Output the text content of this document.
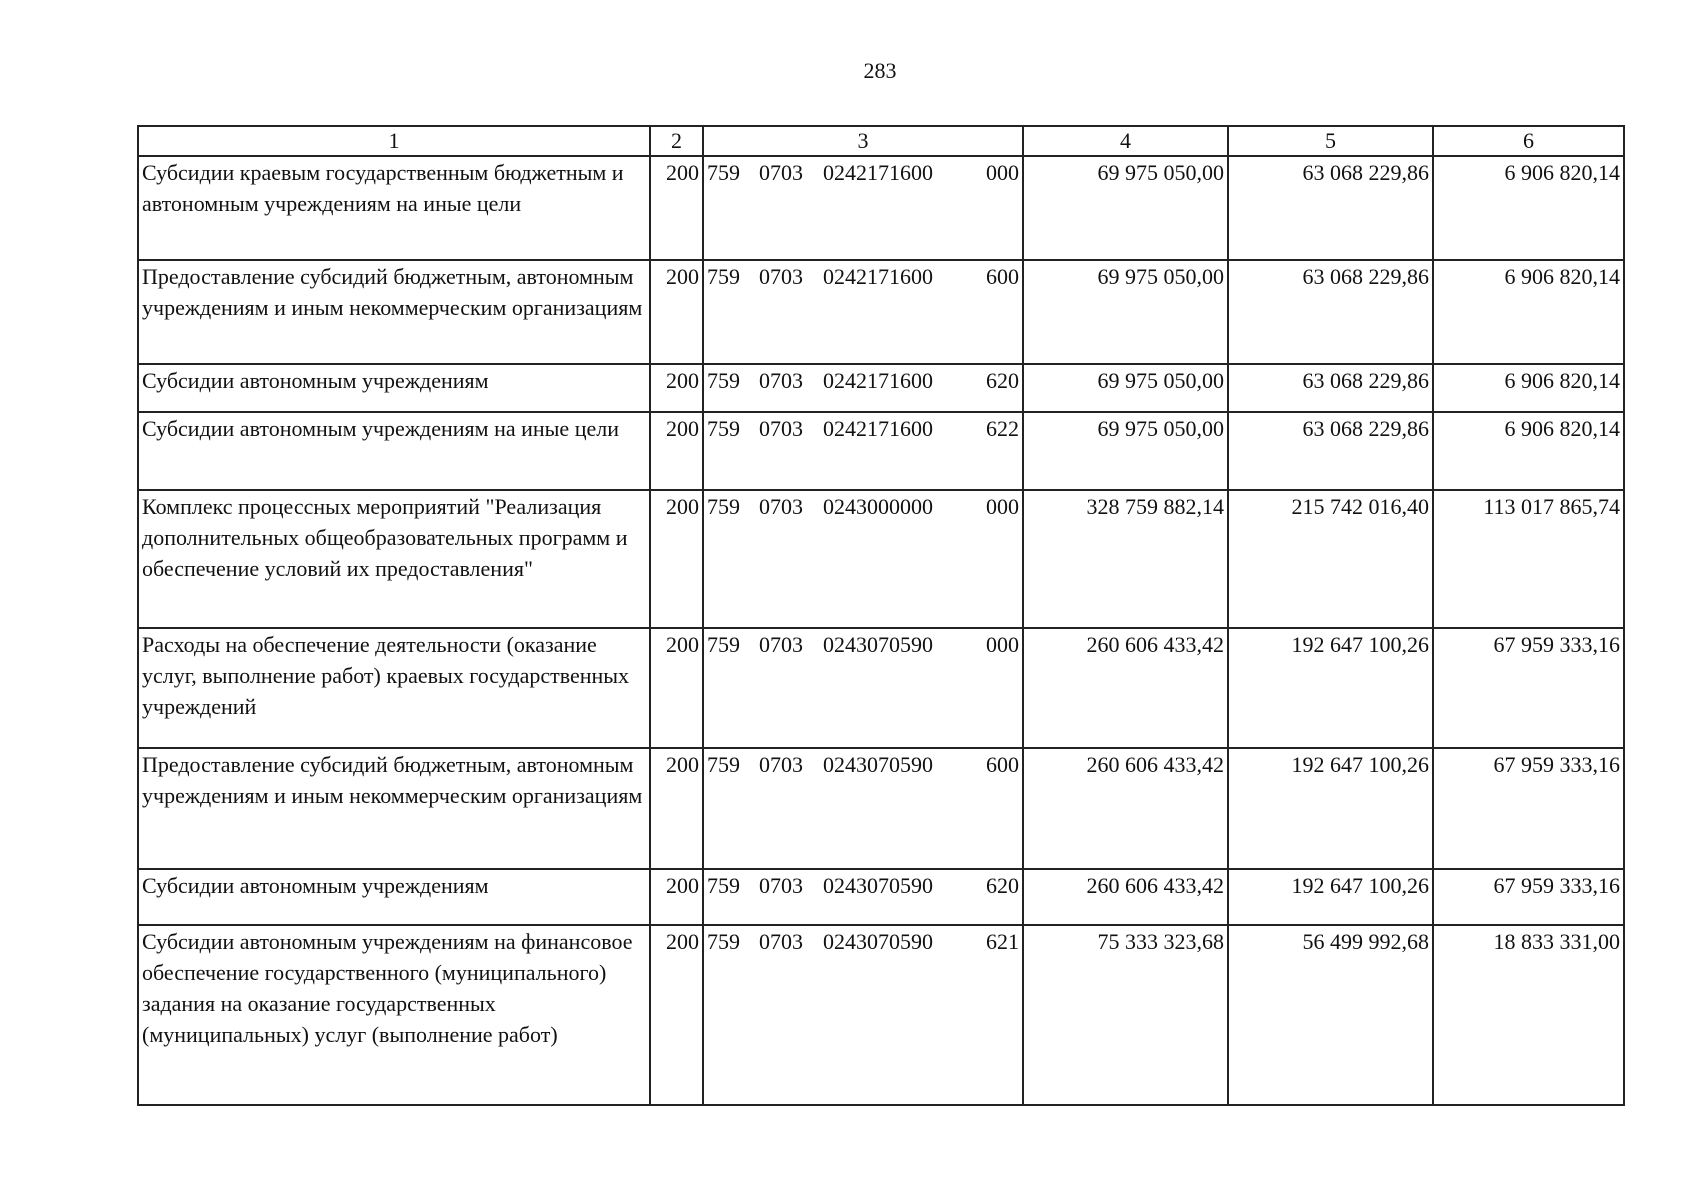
283
1	2	3	4	5	6
Субсидии краевым государственным бюджетным и автономным учреждениям на иные цели	200	759 0703 0242171600 000	69 975 050,00	63 068 229,86	6 906 820,14
Предоставление субсидий бюджетным, автономным учреждениям и иным некоммерческим организациям	200	759 0703 0242171600 600	69 975 050,00	63 068 229,86	6 906 820,14
Субсидии автономным учреждениям	200	759 0703 0242171600 620	69 975 050,00	63 068 229,86	6 906 820,14
Субсидии автономным учреждениям на иные цели	200	759 0703 0242171600 622	69 975 050,00	63 068 229,86	6 906 820,14
Комплекс процессных мероприятий "Реализация дополнительных общеобразовательных программ и обеспечение условий их предоставления"	200	759 0703 0243000000 000	328 759 882,14	215 742 016,40	113 017 865,74
Расходы на обеспечение деятельности (оказание услуг, выполнение работ) краевых государственных учреждений	200	759 0703 0243070590 000	260 606 433,42	192 647 100,26	67 959 333,16
Предоставление субсидий бюджетным, автономным учреждениям и иным некоммерческим организациям	200	759 0703 0243070590 600	260 606 433,42	192 647 100,26	67 959 333,16
Субсидии автономным учреждениям	200	759 0703 0243070590 620	260 606 433,42	192 647 100,26	67 959 333,16
Субсидии автономным учреждениям на финансовое обеспечение государственного (муниципального) задания на оказание государственных (муниципальных) услуг (выполнение работ)	200	759 0703 0243070590 621	75 333 323,68	56 499 992,68	18 833 331,00
